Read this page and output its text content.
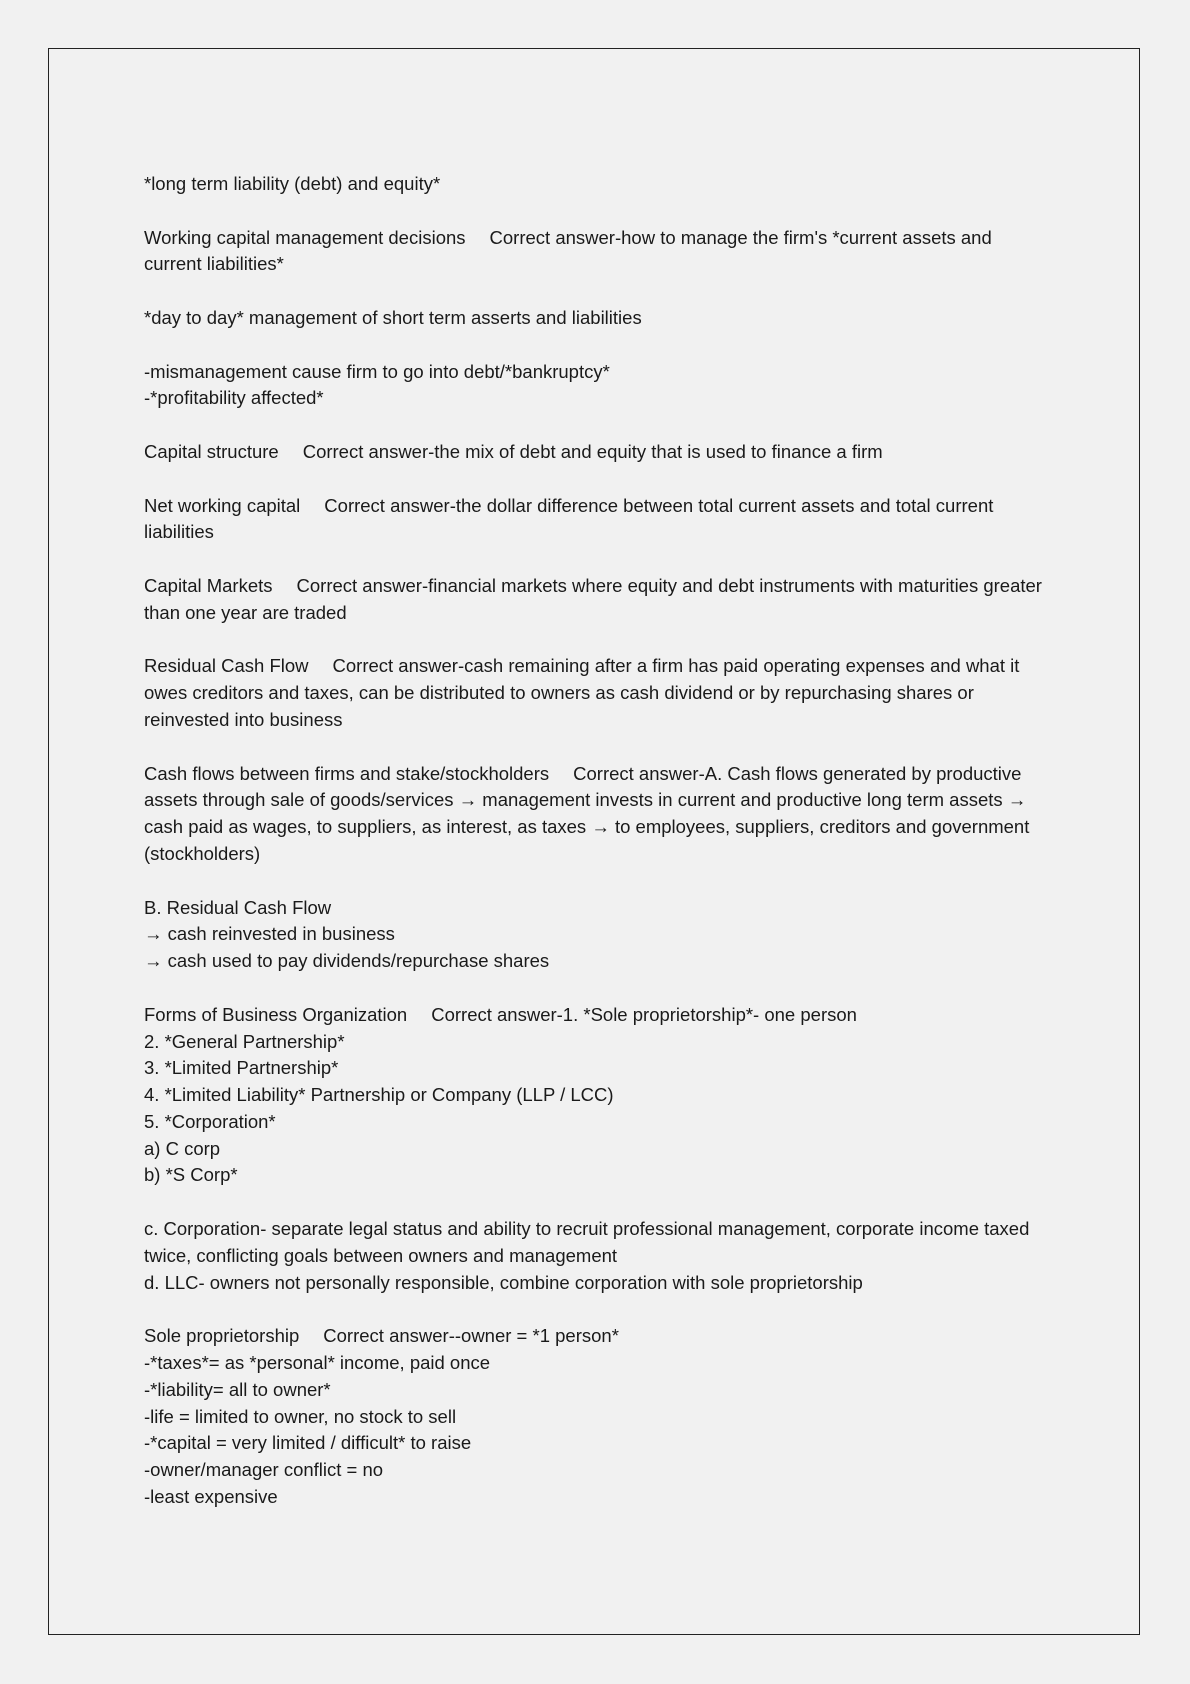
*long term liability (debt) and equity*
Working capital management decisions Correct answer-how to manage the firm's *current assets and current liabilities*
*day to day* management of short term asserts and liabilities
-mismanagement cause firm to go into debt/*bankruptcy*
-*profitability affected*
Capital structure Correct answer-the mix of debt and equity that is used to finance a firm
Net working capital Correct answer-the dollar difference between total current assets and total current liabilities
Capital Markets Correct answer-financial markets where equity and debt instruments with maturities greater than one year are traded
Residual Cash Flow Correct answer-cash remaining after a firm has paid operating expenses and what it owes creditors and taxes, can be distributed to owners as cash dividend or by repurchasing shares or reinvested into business
Cash flows between firms and stake/stockholders Correct answer-A. Cash flows generated by productive assets through sale of goods/services → management invests in current and productive long term assets → cash paid as wages, to suppliers, as interest, as taxes → to employees, suppliers, creditors and government (stockholders)
B. Residual Cash Flow
→ cash reinvested in business
→ cash used to pay dividends/repurchase shares
Forms of Business Organization Correct answer-1. *Sole proprietorship*- one person
2. *General Partnership*
3. *Limited Partnership*
4. *Limited Liability* Partnership or Company (LLP / LCC)
5. *Corporation*
a) C corp
b) *S Corp*
c. Corporation- separate legal status and ability to recruit professional management, corporate income taxed twice, conflicting goals between owners and management
d. LLC- owners not personally responsible, combine corporation with sole proprietorship
Sole proprietorship Correct answer--owner = *1 person*
-*taxes*= as *personal* income, paid once
-*liability= all to owner*
-life = limited to owner, no stock to sell
-*capital = very limited / difficult* to raise
-owner/manager conflict = no
-least expensive
